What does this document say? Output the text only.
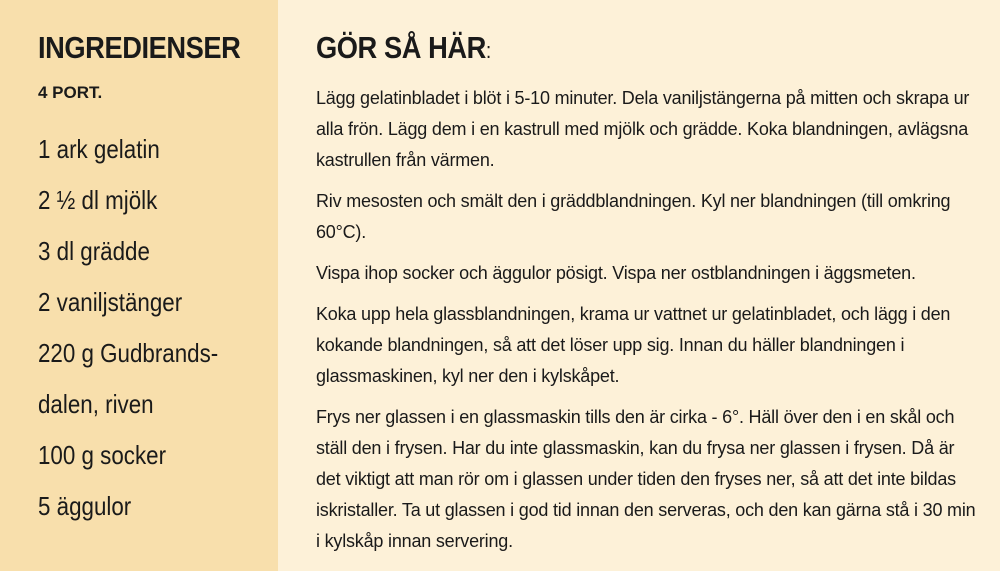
INGREDIENSER
4 PORT.
1 ark gelatin
2 ½ dl mjölk
3 dl grädde
2 vaniljstänger
220 g Gudbrands-
dalen, riven
100 g socker
5 äggulor
GÖR SÅ HÄR:

Lägg gelatinbladet i blöt i 5-10 minuter. Dela vaniljstängerna på mitten och skrapa ur alla frön. Lägg dem i en kastrull med mjölk och grädde. Koka blandningen, avlägsna kastrullen från värmen.

Riv mesosten och smält den i gräddblandningen. Kyl ner blandningen (till omkring 60°C).

Vispa ihop socker och äggulor pösigt. Vispa ner ostblandningen i äggsmeten.

Koka upp hela glassblandningen, krama ur vattnet ur gelatinbladet, och lägg i den kokande blandningen, så att det löser upp sig. Innan du häller blandningen i glassmaskinen, kyl ner den i kylskåpet.

Frys ner glassen i en glassmaskin tills den är cirka - 6°. Häll över den i en skål och ställ den i frysen. Har du inte glassmaskin, kan du frysa ner glassen i frysen. Då är det viktigt att man rör om i glassen under tiden den fryses ner, så att det inte bildas iskristaller. Ta ut glassen i god tid innan den serveras, och den kan gärna stå i 30 min i kylskåp innan servering.
